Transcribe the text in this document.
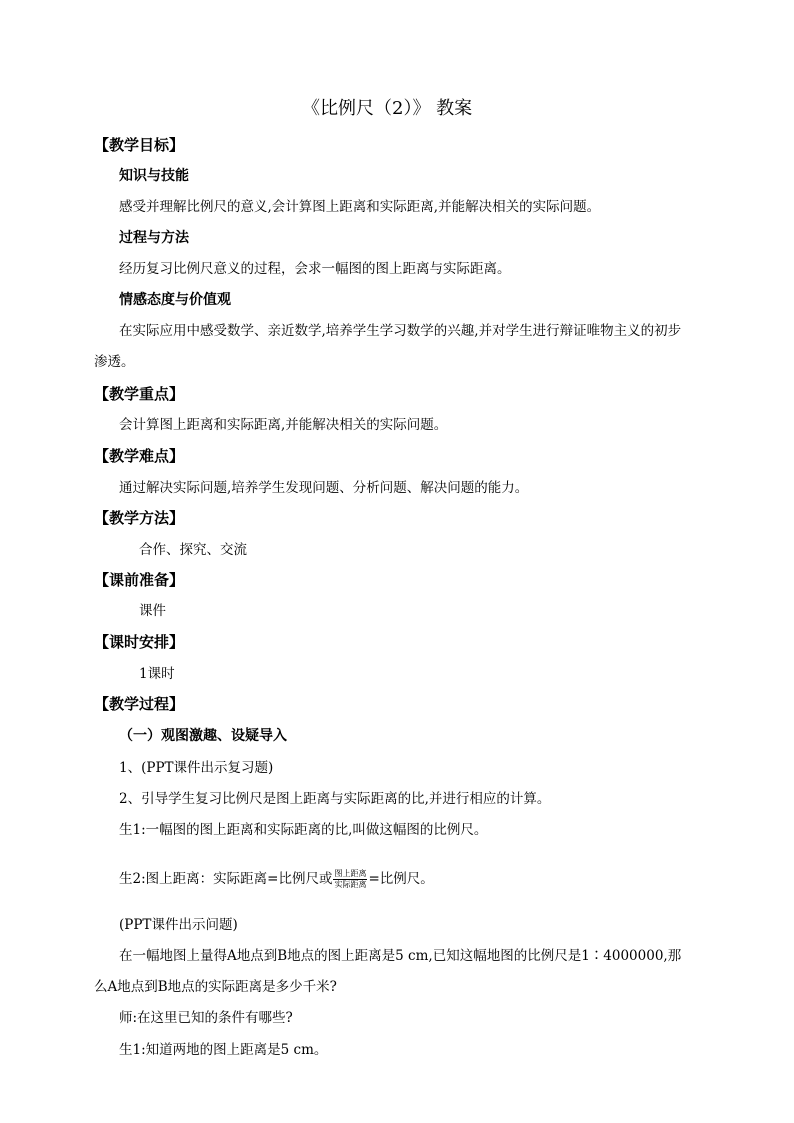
《比例尺（2）》 教案
【教学目标】
知识与技能
感受并理解比例尺的意义,会计算图上距离和实际距离,并能解决相关的实际问题。
过程与方法
经历复习比例尺意义的过程，会求一幅图的图上距离与实际距离。
情感态度与价值观
在实际应用中感受数学、亲近数学,培养学生学习数学的兴趣,并对学生进行辩证唯物主义的初步
渗透。
【教学重点】
会计算图上距离和实际距离,并能解决相关的实际问题。
【教学难点】
通过解决实际问题,培养学生发现问题、分析问题、解决问题的能力。
【教学方法】
合作、探究、交流
【课前准备】
课件
【课时安排】
1课时
【教学过程】
（一）观图激趣、设疑导入
1、(PPT课件出示复习题)
2、引导学生复习比例尺是图上距离与实际距离的比,并进行相应的计算。
生1:一幅图的图上距离和实际距离的比,叫做这幅图的比例尺。
生2:图上距离：实际距离=比例尺或 $\frac{\text{图上距离}}{\text{实际距离}}$ =比例尺。
(PPT课件出示问题)
在一幅地图上量得A地点到B地点的图上距离是5 cm,已知这幅地图的比例尺是1∶4000000,那
么A地点到B地点的实际距离是多少千米?
师:在这里已知的条件有哪些?
生1:知道两地的图上距离是5 cm。
